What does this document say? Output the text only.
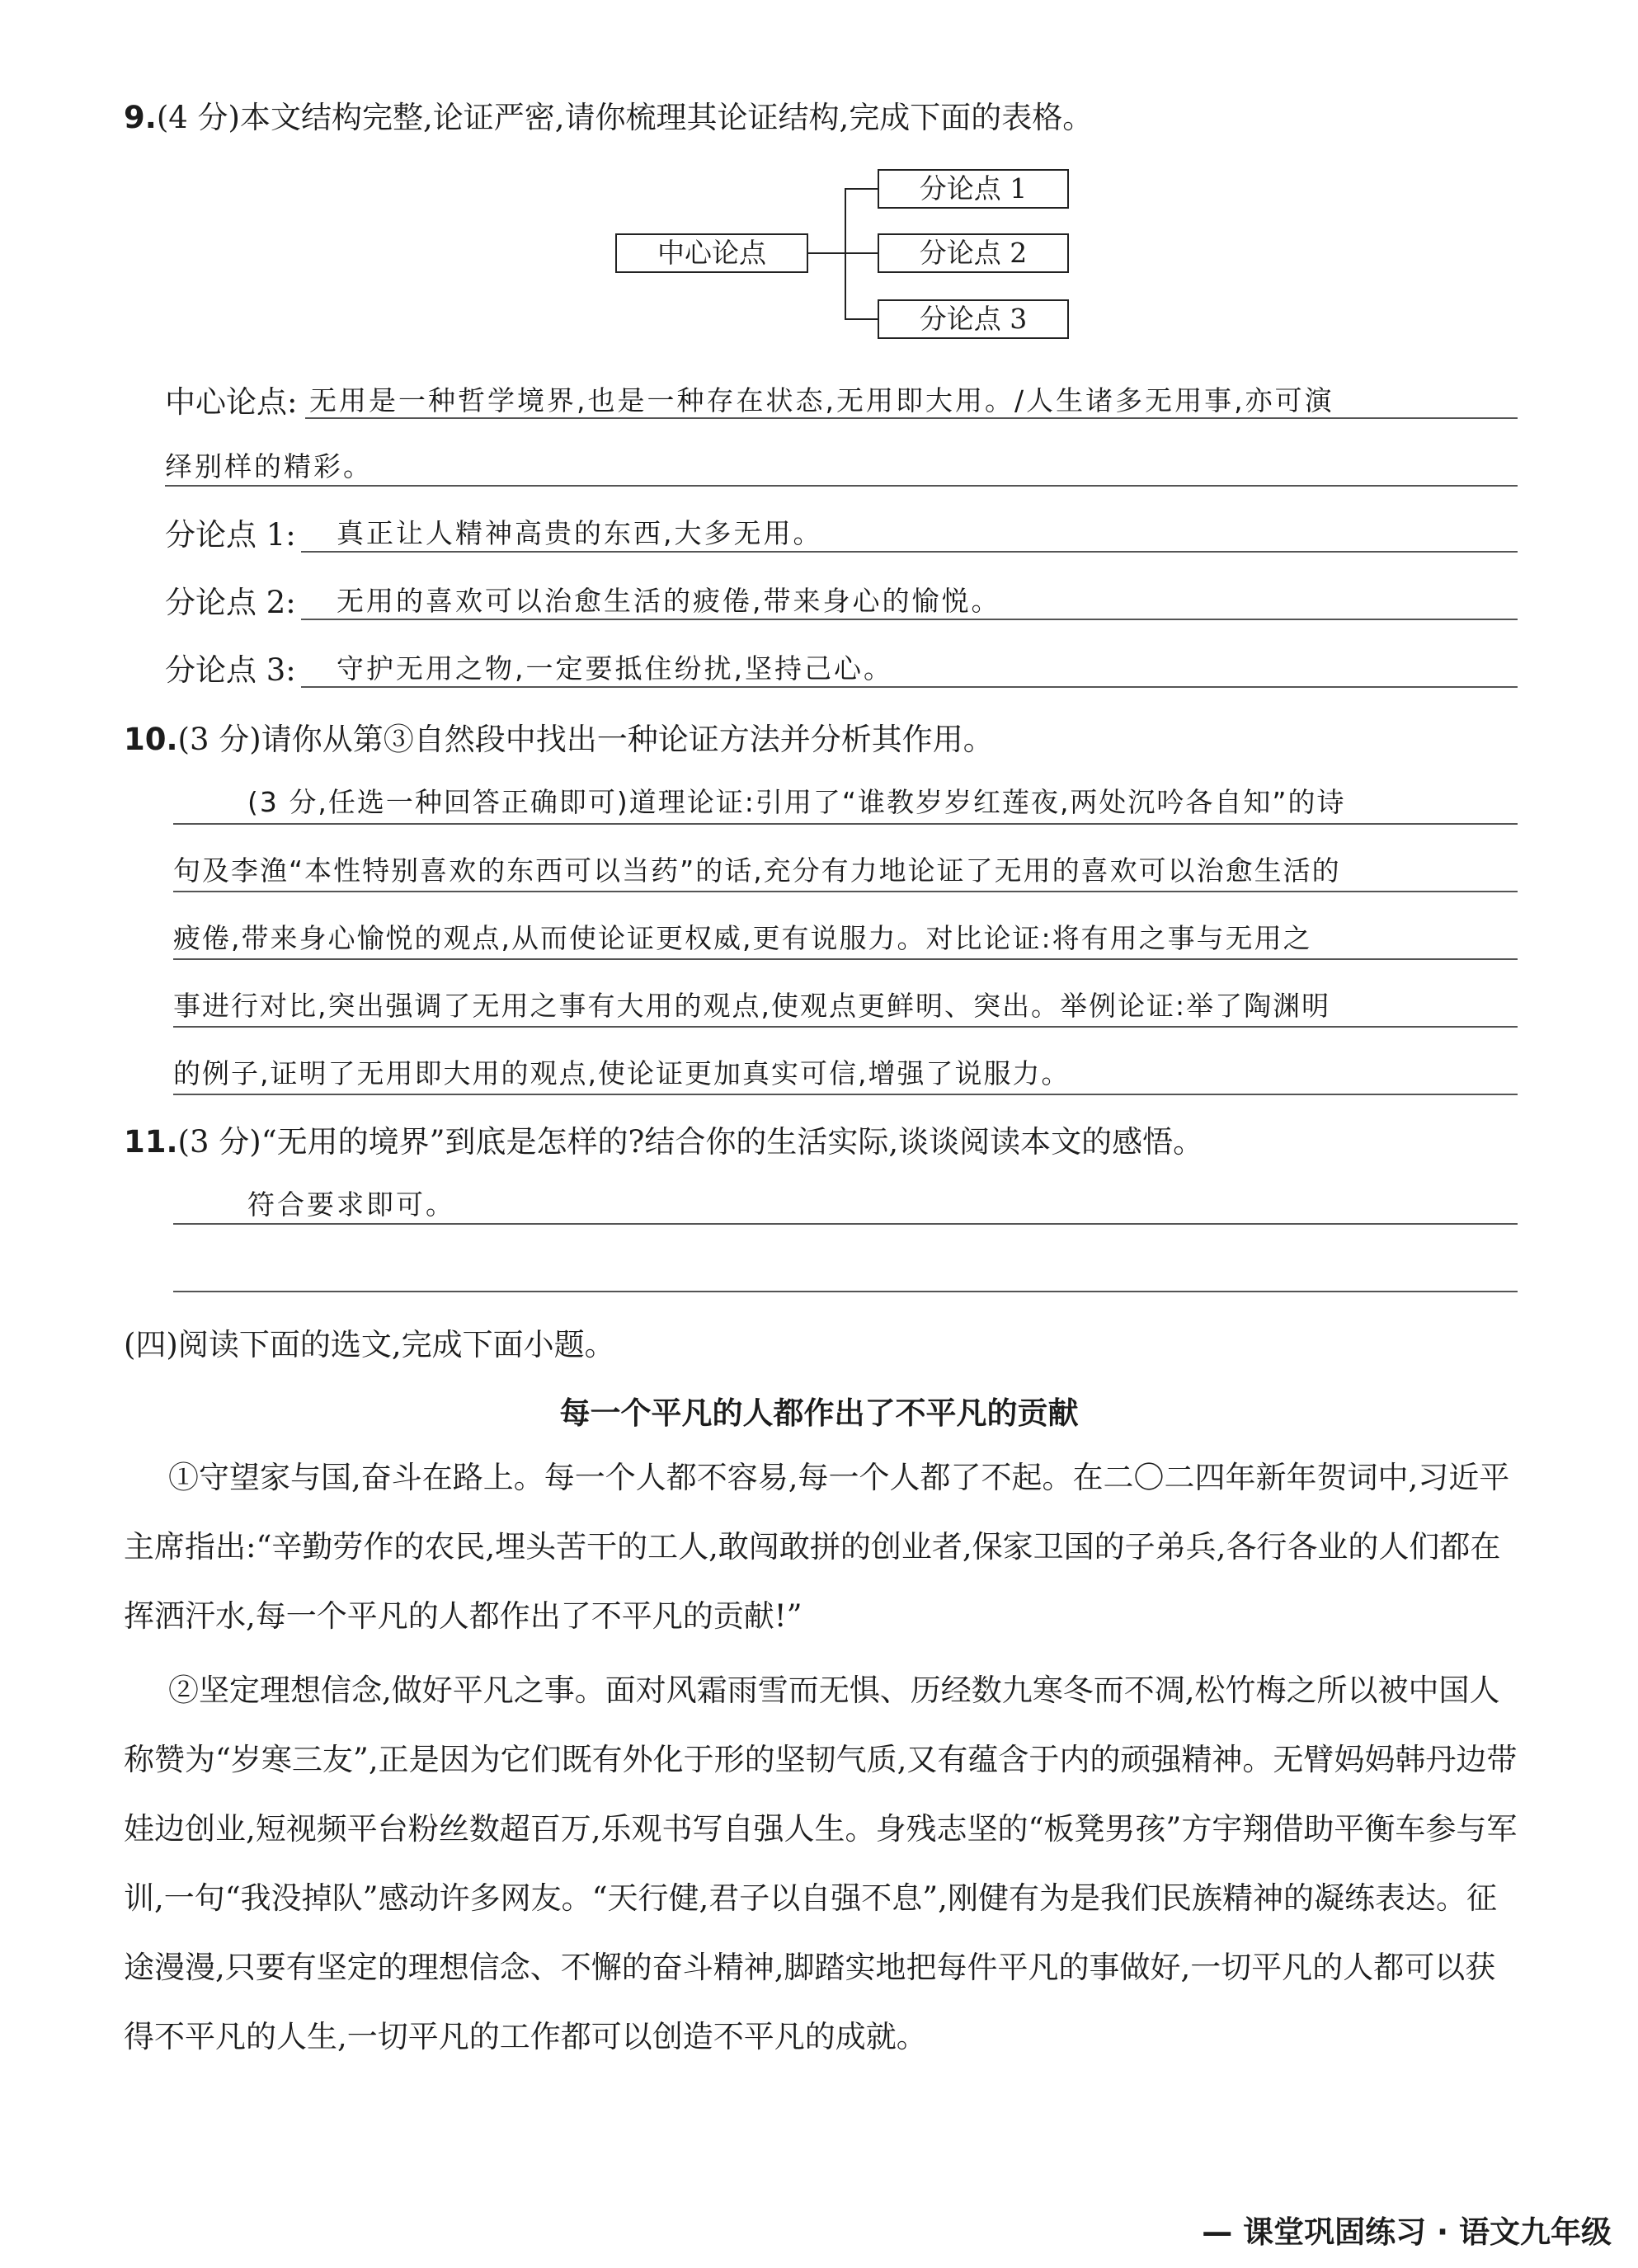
9.(4 分)本文结构完整,论证严密,请你梳理其论证结构,完成下面的表格。
中心论点
分论点 1
分论点 2
分论点 3
中心论点: 无用是一种哲学境界,也是一种存在状态,无用即大用。/人生诸多无用事,亦可演
绎别样的精彩。
分论点 1: 真正让人精神高贵的东西,大多无用。
分论点 2: 无用的喜欢可以治愈生活的疲倦,带来身心的愉悦。
分论点 3: 守护无用之物,一定要抵住纷扰,坚持己心。
10.(3 分)请你从第③自然段中找出一种论证方法并分析其作用。
(3 分,任选一种回答正确即可)道理论证:引用了“谁教岁岁红莲夜,两处沉吟各自知”的诗
句及李渔“本性特别喜欢的东西可以当药”的话,充分有力地论证了无用的喜欢可以治愈生活的
疲倦,带来身心愉悦的观点,从而使论证更权威,更有说服力。对比论证:将有用之事与无用之
事进行对比,突出强调了无用之事有大用的观点,使观点更鲜明、突出。举例论证:举了陶渊明
的例子,证明了无用即大用的观点,使论证更加真实可信,增强了说服力。
11.(3 分)“无用的境界”到底是怎样的?结合你的生活实际,谈谈阅读本文的感悟。
符合要求即可。
(四)阅读下面的选文,完成下面小题。
每一个平凡的人都作出了不平凡的贡献

①守望家与国,奋斗在路上。每一个人都不容易,每一个人都了不起。在二〇二四年新年贺词中,习近平主席指出:“辛勤劳作的农民,埋头苦干的工人,敢闯敢拼的创业者,保家卫国的子弟兵,各行各业的人们都在挥洒汗水,每一个平凡的人都作出了不平凡的贡献!”

②坚定理想信念,做好平凡之事。面对风霜雨雪而无惧、历经数九寒冬而不凋,松竹梅之所以被中国人称赞为“岁寒三友”,正是因为它们既有外化于形的坚韧气质,又有蕴含于内的顽强精神。无臂妈妈韩丹边带娃边创业,短视频平台粉丝数超百万,乐观书写自强人生。身残志坚的“板凳男孩”方宇翔借助平衡车参与军训,一句“我没掉队”感动许多网友。“天行健,君子以自强不息”,刚健有为是我们民族精神的凝练表达。征途漫漫,只要有坚定的理想信念、不懈的奋斗精神,脚踏实地把每件平凡的事做好,一切平凡的人都可以获得不平凡的人生,一切平凡的工作都可以创造不平凡的成就。

— 课堂巩固练习 · 语文九年级
